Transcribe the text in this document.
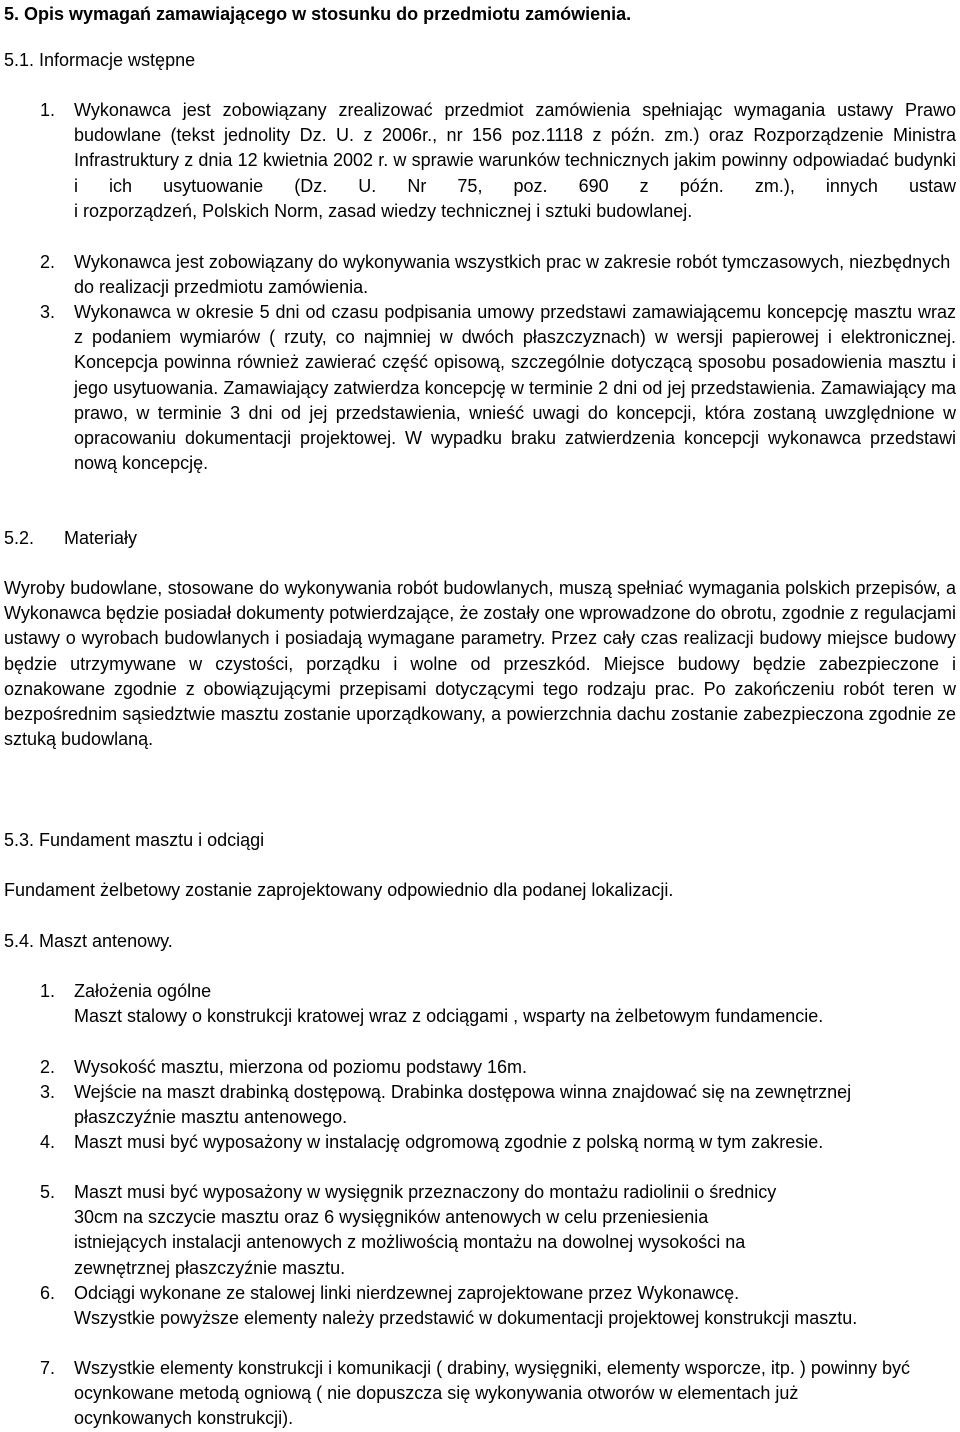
5. Opis wymagań zamawiającego w stosunku do przedmiotu zamówienia.

5.1. Informacje wstępne

1. Wykonawca jest zobowiązany zrealizować przedmiot zamówienia spełniając wymagania ustawy Prawo budowlane (tekst jednolity Dz. U. z 2006r., nr 156 poz.1118 z późn. zm.) oraz Rozporządzenie Ministra Infrastruktury z dnia 12 kwietnia 2002 r. w sprawie warunków technicznych jakim powinny odpowiadać budynki i ich usytuowanie (Dz. U. Nr 75, poz. 690 z późn. zm.), innych ustaw

i rozporządzeń, Polskich Norm, zasad wiedzy technicznej i sztuki budowlanej.

2. Wykonawca jest zobowiązany do wykonywania wszystkich prac w zakresie robót tymczasowych, niezbędnych do realizacji przedmiotu zamówienia.

3. Wykonawca w okresie 5 dni od czasu podpisania umowy przedstawi zamawiającemu koncepcję masztu wraz z podaniem wymiarów ( rzuty, co najmniej w dwóch płaszczyznach) w wersji papierowej i elektronicznej. Koncepcja powinna również zawierać część opisową, szczególnie dotyczącą sposobu posadowienia masztu i jego usytuowania. Zamawiający zatwierdza koncepcję w terminie 2 dni od jej przedstawienia. Zamawiający ma prawo, w terminie 3 dni od jej przedstawienia, wnieść uwagi do koncepcji, która zostaną uwzględnione w opracowaniu dokumentacji projektowej. W wypadku braku zatwierdzenia koncepcji wykonawca przedstawi nową koncepcję.

5.2. Materiały

Wyroby budowlane, stosowane do wykonywania robót budowlanych, muszą spełniać wymagania polskich przepisów, a Wykonawca będzie posiadał dokumenty potwierdzające, że zostały one wprowadzone do obrotu, zgodnie z regulacjami ustawy o wyrobach budowlanych i posiadają wymagane parametry. Przez cały czas realizacji budowy miejsce budowy będzie utrzymywane w czystości, porządku i wolne od przeszkód. Miejsce budowy będzie zabezpieczone i oznakowane zgodnie z obowiązującymi przepisami dotyczącymi tego rodzaju prac. Po zakończeniu robót teren w bezpośrednim sąsiedztwie masztu zostanie uporządkowany, a powierzchnia dachu zostanie zabezpieczona zgodnie ze sztuką budowlaną.

5.3. Fundament masztu i odciągi

Fundament żelbetowy zostanie zaprojektowany odpowiednio dla podanej lokalizacji.

5.4. Maszt antenowy.

1. Założenia ogólne

Maszt stalowy o konstrukcji kratowej wraz z odciągami , wsparty na żelbetowym fundamencie.

2. Wysokość masztu, mierzona od poziomu podstawy 16m.

3. Wejście na maszt drabinką dostępową. Drabinka dostępowa winna znajdować się na zewnętrznej płaszczyźnie masztu antenowego.

4. Maszt musi być wyposażony w instalację odgromową zgodnie z polską normą w tym zakresie.

5. Maszt musi być wyposażony w wysięgnik przeznaczony do montażu radiolinii o średnicy
30cm na szczycie masztu oraz 6 wysięgników antenowych w celu przeniesienia
istniejących instalacji antenowych z możliwością montażu na dowolnej wysokości na
zewnętrznej płaszczyźnie masztu.
6. Odciągi wykonane ze stalowej linki nierdzewnej zaprojektowane przez Wykonawcę.

Wszystkie powyższe elementy należy przedstawić w dokumentacji projektowej konstrukcji masztu.

7. Wszystkie elementy konstrukcji i komunikacji ( drabiny, wysięgniki, elementy wsporcze, itp. ) powinny być ocynkowane metodą ogniową ( nie dopuszcza się wykonywania otworów w elementach już ocynkowanych konstrukcji).
